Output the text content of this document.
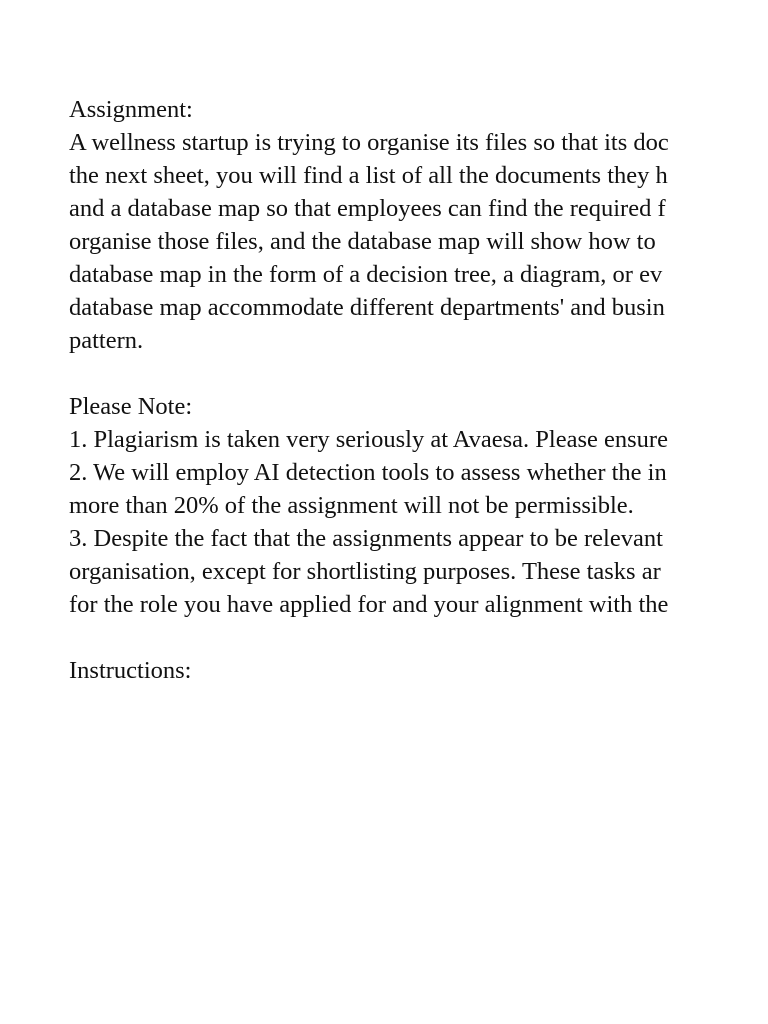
Assignment:
A wellness startup is trying to organise its files so that its doc
the next sheet, you will find a list of all the documents they h
and a database map so that employees can find the required f
organise those files, and the database map will show how to
database map in the form of a decision tree, a diagram, or ev
database map accommodate different departments' and busin
pattern.
Please Note:
1. Plagiarism is taken very seriously at Avaesa. Please ensure
2. We will employ AI detection tools to assess whether the in
more than 20% of the assignment will not be permissible.
3. Despite the fact that the assignments appear to be relevant
organisation, except for shortlisting purposes. These tasks ar
for the role you have applied for and your alignment with the
Instructions:
